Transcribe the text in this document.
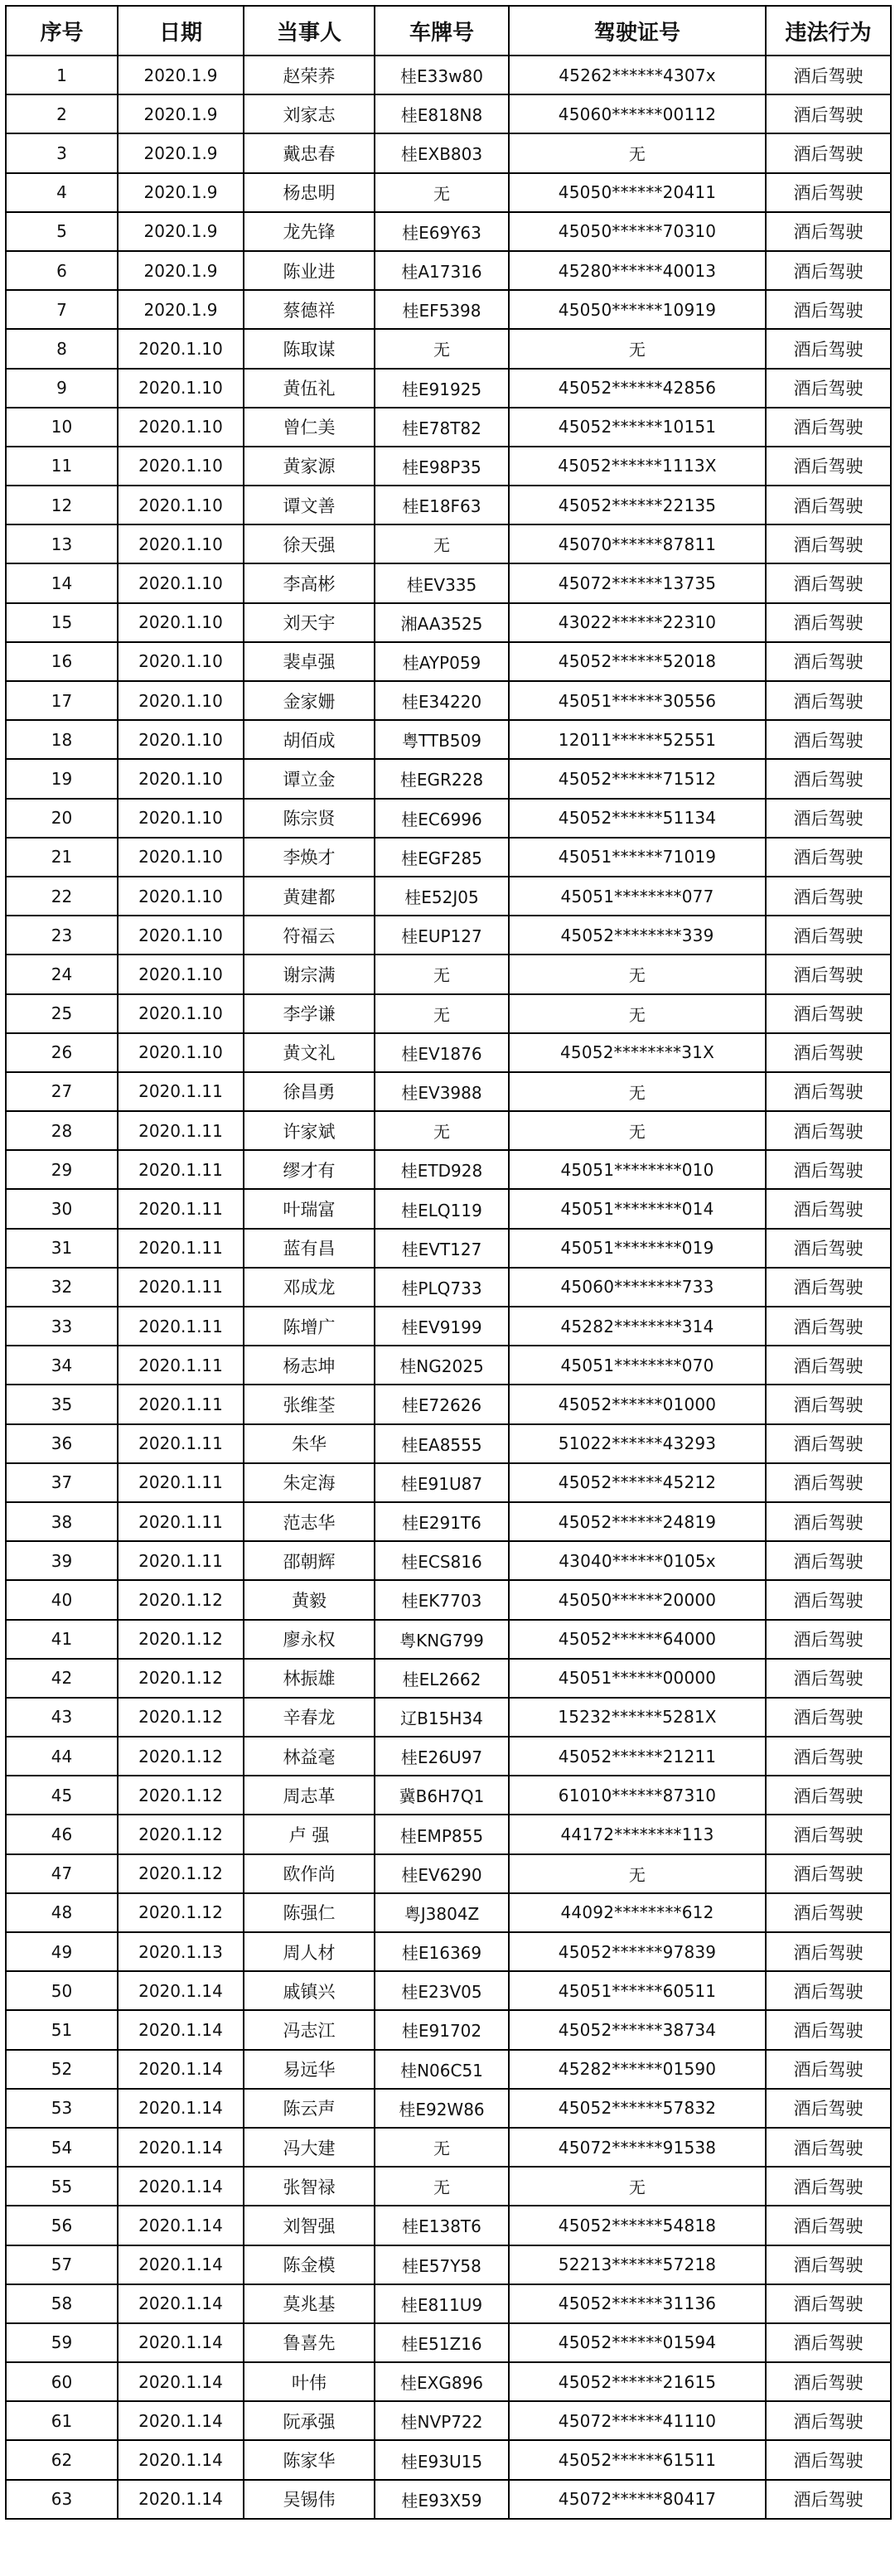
序号	日期	当事人	车牌号	驾驶证号	违法行为
1	2020.1.9	赵荣荞	桂E33w80	45262******4307x	酒后驾驶
2	2020.1.9	刘家志	桂E818N8	45060******00112	酒后驾驶
3	2020.1.9	戴忠春	桂EXB803	无	酒后驾驶
4	2020.1.9	杨忠明	无	45050******20411	酒后驾驶
5	2020.1.9	龙先锋	桂E69Y63	45050******70310	酒后驾驶
6	2020.1.9	陈业进	桂A17316	45280******40013	酒后驾驶
7	2020.1.9	蔡德祥	桂EF5398	45050******10919	酒后驾驶
8	2020.1.10	陈取谋	无	无	酒后驾驶
9	2020.1.10	黄伍礼	桂E91925	45052******42856	酒后驾驶
10	2020.1.10	曾仁美	桂E78T82	45052******10151	酒后驾驶
11	2020.1.10	黄家源	桂E98P35	45052******1113X	酒后驾驶
12	2020.1.10	谭文善	桂E18F63	45052******22135	酒后驾驶
13	2020.1.10	徐天强	无	45070******87811	酒后驾驶
14	2020.1.10	李高彬	桂EV335	45072******13735	酒后驾驶
15	2020.1.10	刘天宇	湘AA3525	43022******22310	酒后驾驶
16	2020.1.10	裴卓强	桂AYP059	45052******52018	酒后驾驶
17	2020.1.10	金家姗	桂E34220	45051******30556	酒后驾驶
18	2020.1.10	胡佰成	粤TTB509	12011******52551	酒后驾驶
19	2020.1.10	谭立金	桂EGR228	45052******71512	酒后驾驶
20	2020.1.10	陈宗贤	桂EC6996	45052******51134	酒后驾驶
21	2020.1.10	李焕才	桂EGF285	45051******71019	酒后驾驶
22	2020.1.10	黄建都	桂E52J05	45051********077	酒后驾驶
23	2020.1.10	符福云	桂EUP127	45052********339	酒后驾驶
24	2020.1.10	谢宗满	无	无	酒后驾驶
25	2020.1.10	李学谦	无	无	酒后驾驶
26	2020.1.10	黄文礼	桂EV1876	45052********31X	酒后驾驶
27	2020.1.11	徐昌勇	桂EV3988	无	酒后驾驶
28	2020.1.11	许家斌	无	无	酒后驾驶
29	2020.1.11	缪才有	桂ETD928	45051********010	酒后驾驶
30	2020.1.11	叶瑞富	桂ELQ119	45051********014	酒后驾驶
31	2020.1.11	蓝有昌	桂EVT127	45051********019	酒后驾驶
32	2020.1.11	邓成龙	桂PLQ733	45060********733	酒后驾驶
33	2020.1.11	陈增广	桂EV9199	45282********314	酒后驾驶
34	2020.1.11	杨志坤	桂NG2025	45051********070	酒后驾驶
35	2020.1.11	张维荃	桂E72626	45052******01000	酒后驾驶
36	2020.1.11	朱华	桂EA8555	51022******43293	酒后驾驶
37	2020.1.11	朱定海	桂E91U87	45052******45212	酒后驾驶
38	2020.1.11	范志华	桂E291T6	45052******24819	酒后驾驶
39	2020.1.11	邵朝辉	桂ECS816	43040******0105x	酒后驾驶
40	2020.1.12	黄毅	桂EK7703	45050******20000	酒后驾驶
41	2020.1.12	廖永权	粤KNG799	45052******64000	酒后驾驶
42	2020.1.12	林振雄	桂EL2662	45051******00000	酒后驾驶
43	2020.1.12	辛春龙	辽B15H34	15232******5281X	酒后驾驶
44	2020.1.12	林益毫	桂E26U97	45052******21211	酒后驾驶
45	2020.1.12	周志革	冀B6H7Q1	61010******87310	酒后驾驶
46	2020.1.12	卢 强	桂EMP855	44172********113	酒后驾驶
47	2020.1.12	欧作尚	桂EV6290	无	酒后驾驶
48	2020.1.12	陈强仁	粤J3804Z	44092********612	酒后驾驶
49	2020.1.13	周人材	桂E16369	45052******97839	酒后驾驶
50	2020.1.14	戚镇兴	桂E23V05	45051******60511	酒后驾驶
51	2020.1.14	冯志江	桂E91702	45052******38734	酒后驾驶
52	2020.1.14	易远华	桂N06C51	45282******01590	酒后驾驶
53	2020.1.14	陈云声	桂E92W86	45052******57832	酒后驾驶
54	2020.1.14	冯大建	无	45072******91538	酒后驾驶
55	2020.1.14	张智禄	无	无	酒后驾驶
56	2020.1.14	刘智强	桂E138T6	45052******54818	酒后驾驶
57	2020.1.14	陈金模	桂E57Y58	52213******57218	酒后驾驶
58	2020.1.14	莫兆基	桂E811U9	45052******31136	酒后驾驶
59	2020.1.14	鲁喜先	桂E51Z16	45052******01594	酒后驾驶
60	2020.1.14	叶伟	桂EXG896	45052******21615	酒后驾驶
61	2020.1.14	阮承强	桂NVP722	45072******41110	酒后驾驶
62	2020.1.14	陈家华	桂E93U15	45052******61511	酒后驾驶
63	2020.1.14	吴锡伟	桂E93X59	45072******80417	酒后驾驶
